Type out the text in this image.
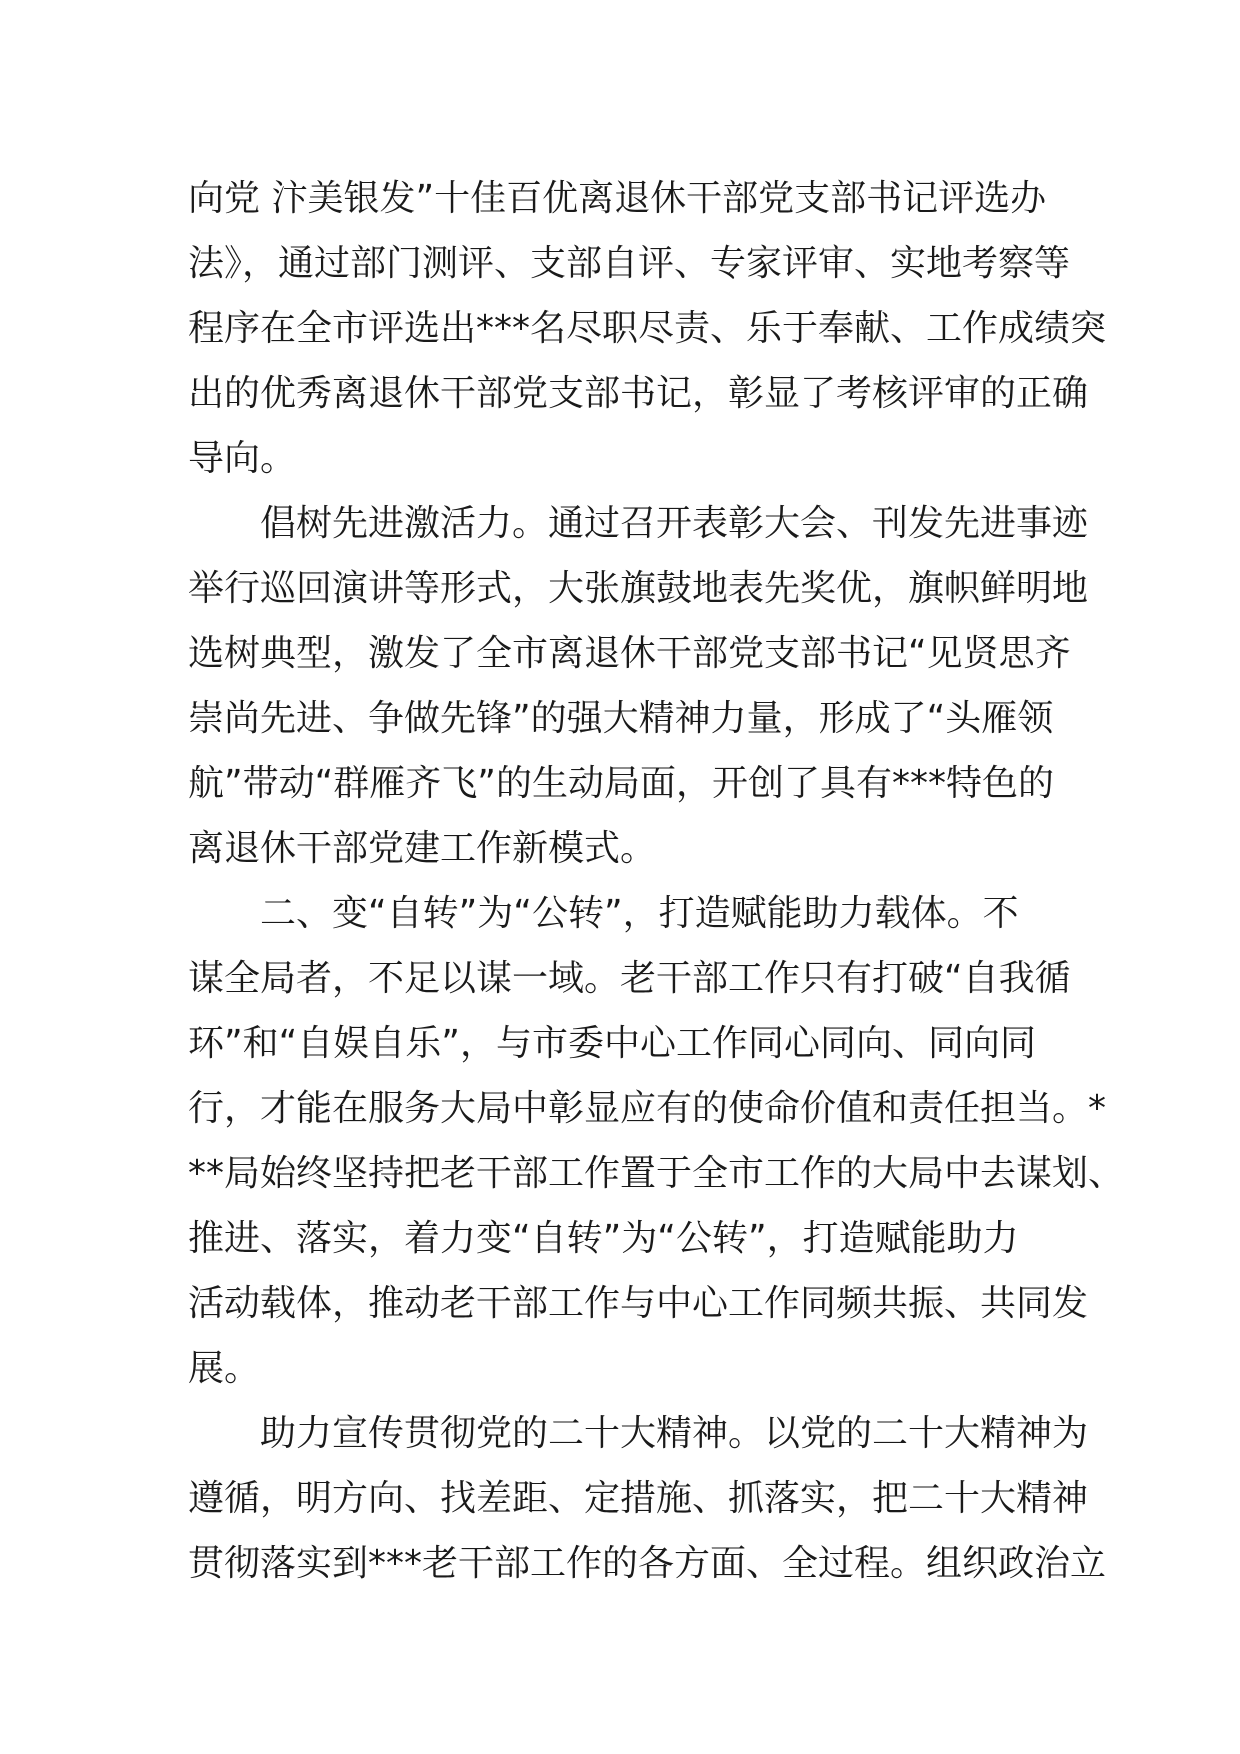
向党 汴美银发”十佳百优离退休干部党支部书记评选办
法》，通过部门测评、支部自评、专家评审、实地考察等
程序在全市评选出***名尽职尽责、乐于奉献、工作成绩突
出的优秀离退休干部党支部书记，彰显了考核评审的正确
导向。
倡树先进激活力。通过召开表彰大会、刊发先进事迹
举行巡回演讲等形式，大张旗鼓地表先奖优，旗帜鲜明地
选树典型，激发了全市离退休干部党支部书记“见贤思齐
崇尚先进、争做先锋”的强大精神力量，形成了“头雁领
航”带动“群雁齐飞”的生动局面，开创了具有***特色的
离退休干部党建工作新模式。
二、变“自转”为“公转”，打造赋能助力载体。不
谋全局者，不足以谋一域。老干部工作只有打破“自我循
环”和“自娱自乐”，与市委中心工作同心同向、同向同
行，才能在服务大局中彰显应有的使命价值和责任担当。*
**局始终坚持把老干部工作置于全市工作的大局中去谋划、
推进、落实，着力变“自转”为“公转”，打造赋能助力
活动载体，推动老干部工作与中心工作同频共振、共同发
展。
助力宣传贯彻党的二十大精神。以党的二十大精神为
遵循，明方向、找差距、定措施、抓落实，把二十大精神
贯彻落实到***老干部工作的各方面、全过程。组织政治立
